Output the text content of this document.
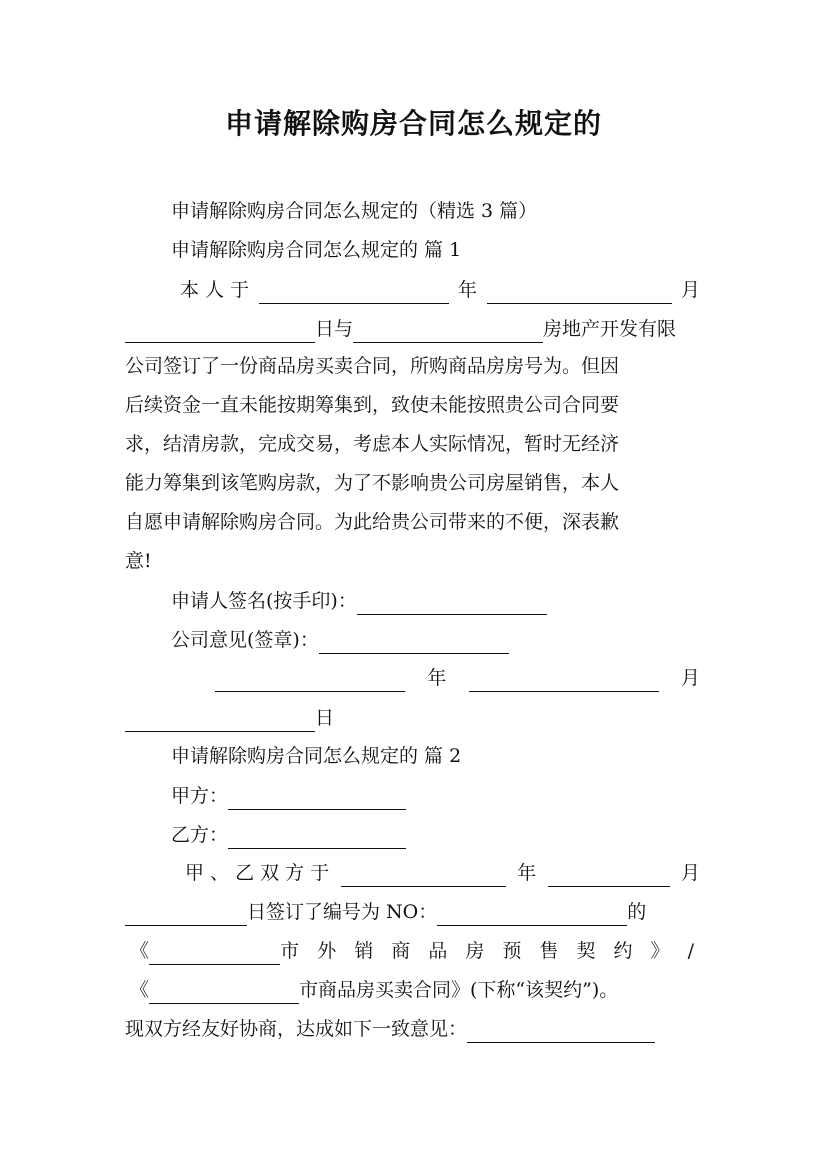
申请解除购房合同怎么规定的
申请解除购房合同怎么规定的（精选 3 篇）
申请解除购房合同怎么规定的 篇 1
本 人 于	年	月
日与	房地产开发有限
公司签订了一份商品房买卖合同，所购商品房房号为。但因
后续资金一直未能按期筹集到，致使未能按照贵公司合同要
求，结清房款，完成交易，考虑本人实际情况，暂时无经济
能力筹集到该笔购房款，为了不影响贵公司房屋销售，本人
自愿申请解除购房合同。为此给贵公司带来的不便，深表歉
意!
申请人签名(按手印)：
公司意见(签章)：
年	月
日
申请解除购房合同怎么规定的 篇 2
甲方：
乙方：
甲 、 乙 双 方 于	年	月
日签订了编号为 NO：	的
《	市 外 销 商 品 房 预 售 契 约 》 /
《	市商品房买卖合同》(下称“该契约”)。
现双方经友好协商，达成如下一致意见：
